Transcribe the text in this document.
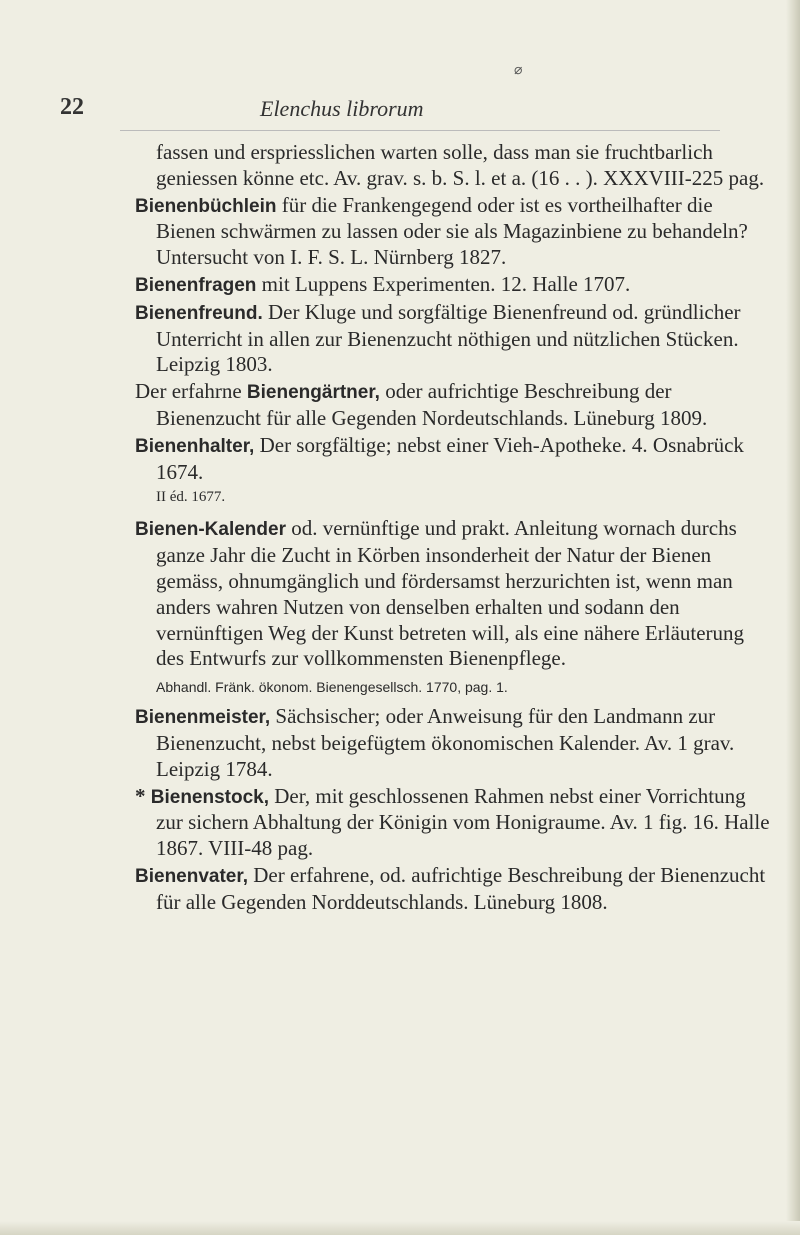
⌀
22	Elenchus librorum

fassen und erspriesslichen warten solle, dass man sie fruchtbarlich geniessen könne etc. Av. grav. s. b. S. l. et a. (16 . . ). XXXVIII-225 pag.

Bienenbüchlein für die Frankengegend oder ist es vortheilhafter die Bienen schwärmen zu lassen oder sie als Magazinbiene zu behandeln? Untersucht von I. F. S. L. Nürnberg 1827.

Bienenfragen mit Luppens Experimenten. 12. Halle 1707.

Bienenfreund. Der Kluge und sorgfältige Bienenfreund od. gründlicher Unterricht in allen zur Bienenzucht nöthigen und nützlichen Stücken. Leipzig 1803.

Der erfahrne Bienengärtner, oder aufrichtige Beschreibung der Bienenzucht für alle Gegenden Nordeutschlands. Lüneburg 1809.

Bienenhalter, Der sorgfältige; nebst einer Vieh-Apotheke. 4. Osnabrück 1674.

II éd. 1677.

Bienen-Kalender od. vernünftige und prakt. Anleitung wornach durchs ganze Jahr die Zucht in Körben insonderheit der Natur der Bienen gemäss, ohnumgänglich und fördersamst herzurichten ist, wenn man anders wahren Nutzen von denselben erhalten und sodann den vernünftigen Weg der Kunst betreten will, als eine nähere Erläuterung des Entwurfs zur vollkommensten Bienenpflege.

Abhandl. Fränk. ökonom. Bienengesellsch. 1770, pag. 1.

Bienenmeister, Sächsischer; oder Anweisung für den Landmann zur Bienenzucht, nebst beigefügtem ökonomischen Kalender. Av. 1 grav. Leipzig 1784.

* Bienenstock, Der, mit geschlossenen Rahmen nebst einer Vorrichtung zur sichern Abhaltung der Königin vom Honigraume. Av. 1 fig. 16. Halle 1867. VIII-48 pag.

Bienenvater, Der erfahrene, od. aufrichtige Beschreibung der Bienenzucht für alle Gegenden Norddeutschlands. Lüneburg 1808.
